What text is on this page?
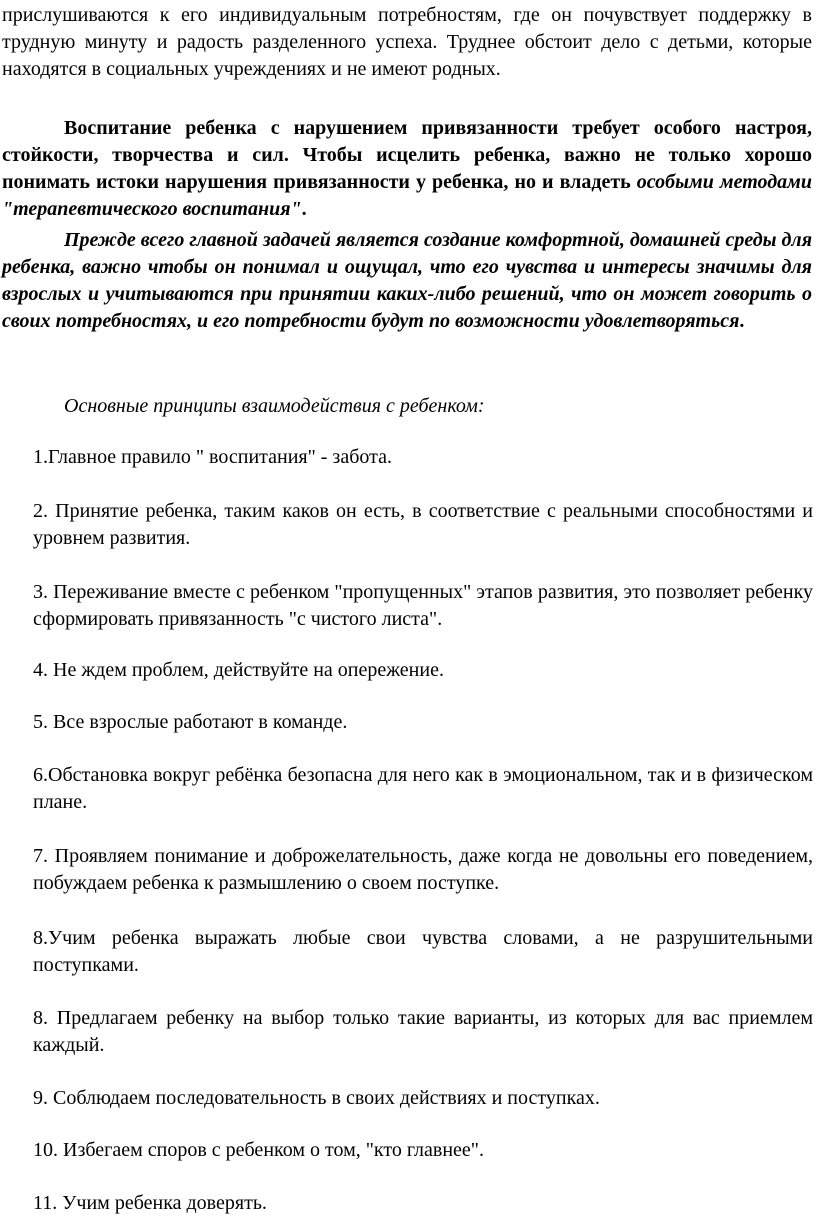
прислушиваются к его индивидуальным потребностям, где он почувствует поддержку в трудную минуту и радость разделенного успеха. Труднее обстоит дело с детьми, которые находятся в социальных учреждениях и не имеют родных.

Воспитание ребенка с нарушением привязанности требует особого настроя, стойкости, творчества и сил. Чтобы исцелить ребенка, важно не только хорошо понимать истоки нарушения привязанности у ребенка, но и владеть особыми методами "терапевтического воспитания".

Прежде всего главной задачей является создание комфортной, домашней среды для ребенка, важно чтобы он понимал и ощущал, что его чувства и интересы значимы для взрослых и учитываются при принятии каких-либо решений, что он может говорить о своих потребностях, и его потребности будут по возможности удовлетворяться.

Основные принципы взаимодействия с ребенком:

1.Главное правило " воспитания" - забота.

2. Принятие ребенка, таким каков он есть, в соответствие с реальными способностями и уровнем развития.

3. Переживание вместе с ребенком "пропущенных" этапов развития, это позволяет ребенку сформировать привязанность "с чистого листа".

4. Не ждем проблем, действуйте на опережение.

5. Все взрослые работают в команде.

6.Обстановка вокруг ребёнка безопасна для него как в эмоциональном, так и в физическом плане.

7. Проявляем понимание и доброжелательность, даже когда не довольны его поведением, побуждаем ребенка к размышлению о своем поступке.

8.Учим ребенка выражать любые свои чувства словами, а не разрушительными поступками.

8. Предлагаем ребенку на выбор только такие варианты, из которых для вас приемлем каждый.

9. Соблюдаем последовательность в своих действиях и поступках.

10. Избегаем споров с ребенком о том, "кто главнее".

11. Учим ребенка доверять.
